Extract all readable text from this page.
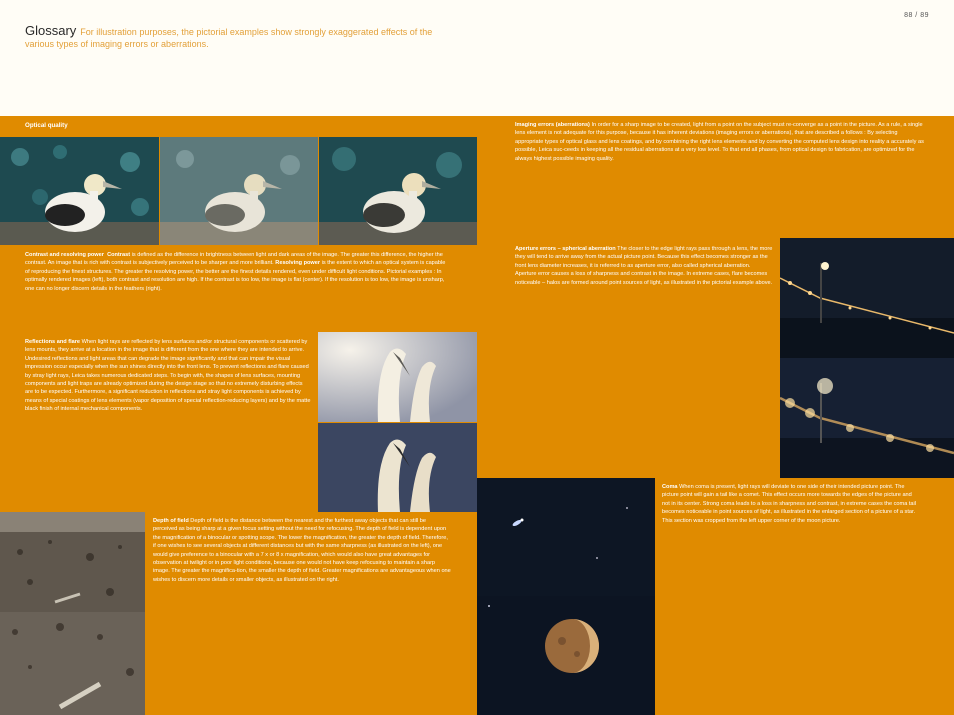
Glossary For illustration purposes, the pictorial examples show strongly exaggerated effects of the various types of imaging errors or aberrations.
88 / 89
Optical quality
Contrast and resolving power Contrast is defined as the difference in brightness between light and dark areas of the image. The greater this difference, the higher the contrast. An image that is rich with contrast is subjectively perceived to be sharper and more brilliant. Resolving power is the extent to which an optical system is capable of reproducing the finest structures. The greater the resolving power, the better are the finest details rendered, even under difficult light conditions. Pictorial examples : In optimally rendered images (left), both contrast and resolution are high. If the contrast is too low, the image is flat (center). If the resolution is too low, the image is unsharp, one can no longer discern details in the feathers (right).
Reflections and flare When light rays are reflected by lens surfaces and/or structural components or scattered by lens mounts, they arrive at a location in the image that is different from the one where they are intended to arrive. Undesired reflections and light areas that can degrade the image significantly and that can impair the visual impression occur especially when the sun shines directly into the front lens. To prevent reflections and flare caused by stray light rays, Leica takes numerous dedicated steps. To begin with, the shapes of lens surfaces, mounting components and light traps are already optimized during the design stage so that no extremely disturbing effects are to be expected. Furthermore, a significant reduction in reflections and stray light components is achieved by means of special coatings of lens elements (vapor deposition of special reflection-reducing layers) and by the matte black finish of internal mechanical components.
Depth of field Depth of field is the distance between the nearest and the furthest away objects that can still be perceived as being sharp at a given focus setting without the need for refocusing. The depth of field is dependent upon the magnification of a binocular or spotting scope. The lower the magnification, the greater the depth of field. Therefore, if one wishes to see several objects at different distances but with the same sharpness (as illustrated on the left), one would give preference to a binocular with a 7 x or 8 x magnification, which would also have great advantages for observation at twilight or in poor light conditions, because one would not have keep refocusing to maintain a sharp image. The greater the magnifica-tion, the smaller the depth of field. Greater magnifications are advantageous when one wishes to discern more details or smaller objects, as illustrated on the right.
Imaging errors (aberrations) In order for a sharp image to be created, light from a point on the subject must re-converge as a point in the picture. As a rule, a single lens element is not adequate for this purpose, because it has inherent deviations (imaging errors or aberrations), that are described a follows : By selecting appropriate types of optical glass and lens coatings, and by combining the right lens elements and by converting the computed lens design into reality a accurately as possible, Leica suc-ceeds in keeping all the residual aberrations at a very low level. To that end all phases, from optical design to fabrication, are optimized for the always highest possible imaging quality.
Aperture errors – spherical aberration The closer to the edge light rays pass through a lens, the more they will tend to arrive away from the actual picture point. Because this effect becomes stronger as the front lens diameter increases, it is referred to as aperture error, also called spherical aberration. Aperture error causes a loss of sharpness and contrast in the image. In extreme cases, flare becomes noticeable – halos are formed around point sources of light, as illustrated in the pictorial example above.
Coma When coma is present, light rays will deviate to one side of their intended picture point. The picture point will gain a tail like a comet. This effect occurs more towards the edges of the picture and not in its center. Strong coma leads to a loss in sharpness and contrast, in extreme cases the coma tail becomes noticeable in point sources of light, as illustrated in the enlarged section of a picture of a star. This section was cropped from the left upper corner of the moon picture.
